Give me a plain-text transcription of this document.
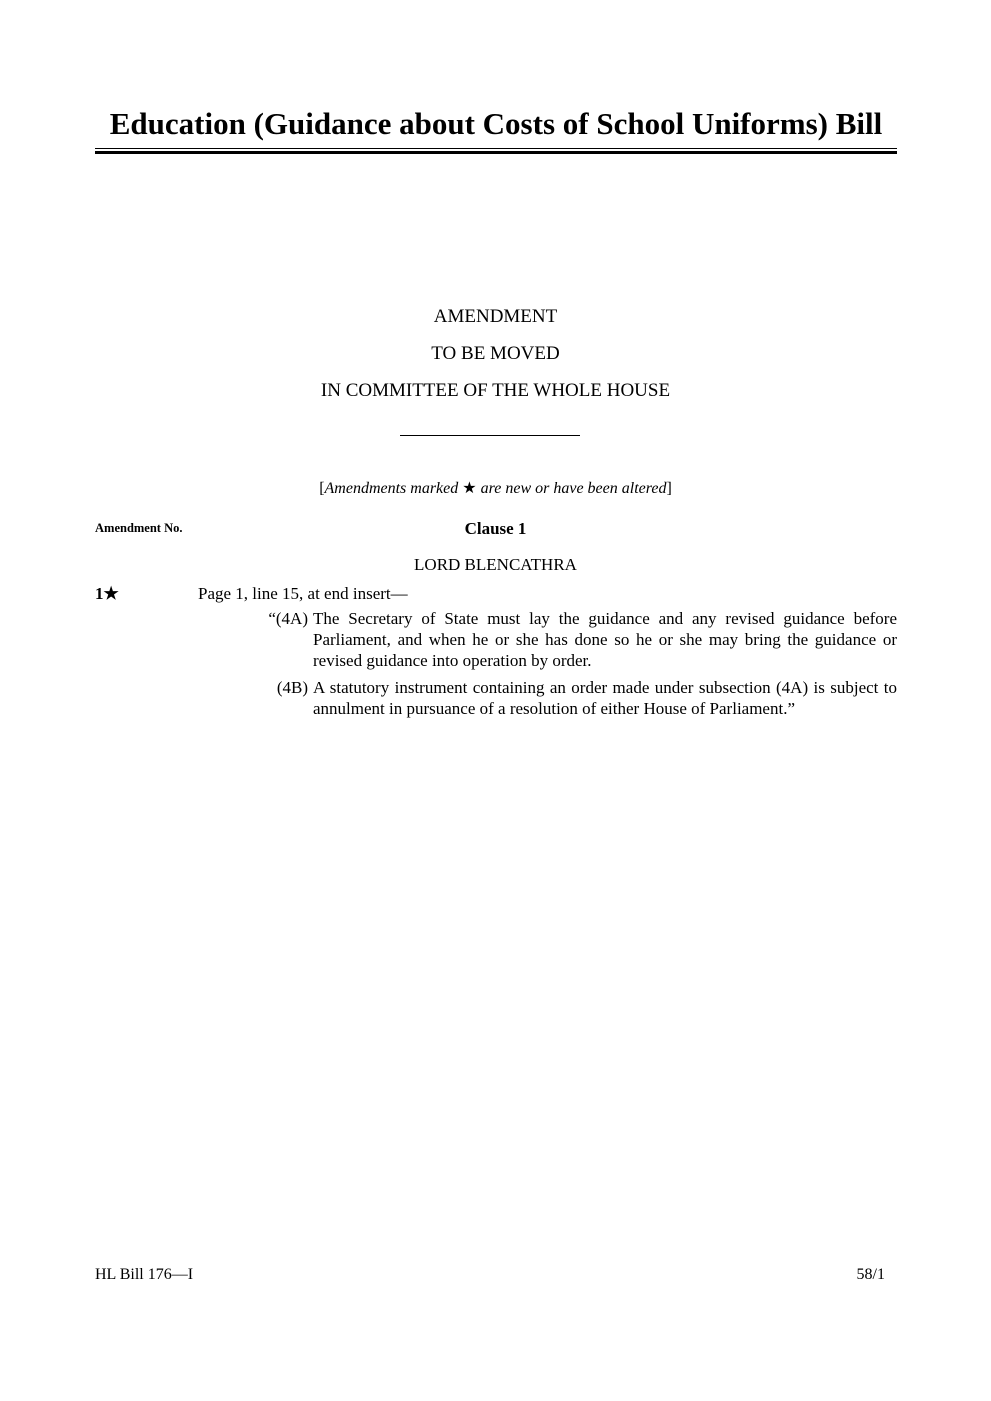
Education (Guidance about Costs of School Uniforms) Bill
AMENDMENT
TO BE MOVED
IN COMMITTEE OF THE WHOLE HOUSE
[Amendments marked ★ are new or have been altered]
Amendment No.	Clause 1
LORD BLENCATHRA
1★	Page 1, line 15, at end insert—
“(4A) The Secretary of State must lay the guidance and any revised guidance before Parliament, and when he or she has done so he or she may bring the guidance or revised guidance into operation by order.
(4B) A statutory instrument containing an order made under subsection (4A) is subject to annulment in pursuance of a resolution of either House of Parliament.”
HL Bill 176—I	58/1
